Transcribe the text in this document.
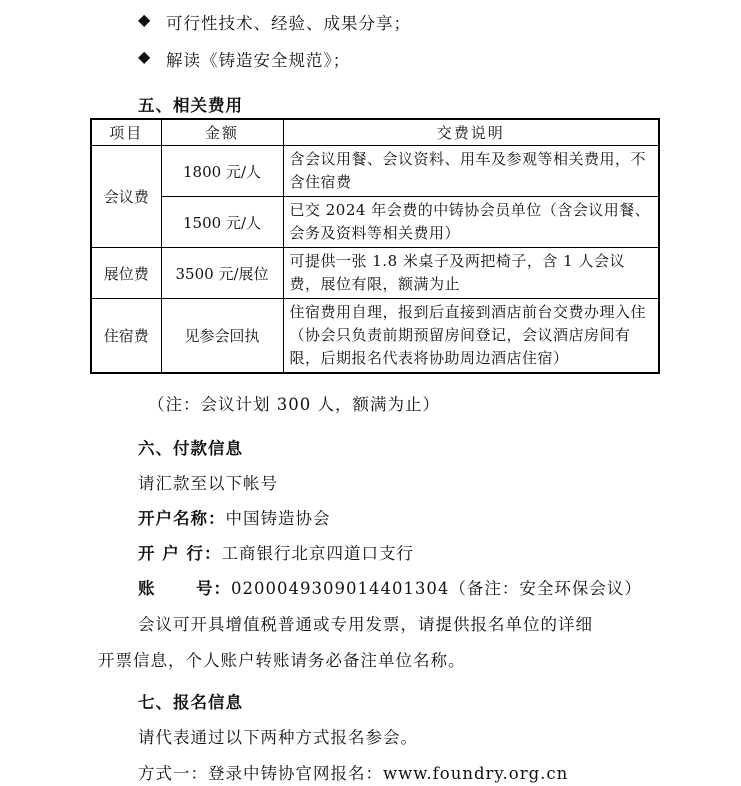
◆ 可行性技术、经验、成果分享；
◆ 解读《铸造安全规范》；
五、相关费用
项目	金额	交费说明
会议费	1800 元/人	含会议用餐、会议资料、用车及参观等相关费用，不含住宿费
	1500 元/人	已交 2024 年会费的中铸协会员单位（含会议用餐、会务及资料等相关费用）
展位费	3500 元/展位	可提供一张 1.8 米桌子及两把椅子，含 1 人会议费，展位有限，额满为止
住宿费	见参会回执	住宿费用自理，报到后直接到酒店前台交费办理入住（协会只负责前期预留房间登记，会议酒店房间有限，后期报名代表将协助周边酒店住宿）
（注：会议计划 300 人，额满为止）
六、付款信息
请汇款至以下帐号
开户名称：中国铸造协会
开 户 行：工商银行北京四道口支行
账      号：0200049309014401304（备注：安全环保会议）
会议可开具增值税普通或专用发票，请提供报名单位的详细
开票信息，个人账户转账请务必备注单位名称。
七、报名信息
请代表通过以下两种方式报名参会。
方式一：登录中铸协官网报名：www.foundry.org.cn
